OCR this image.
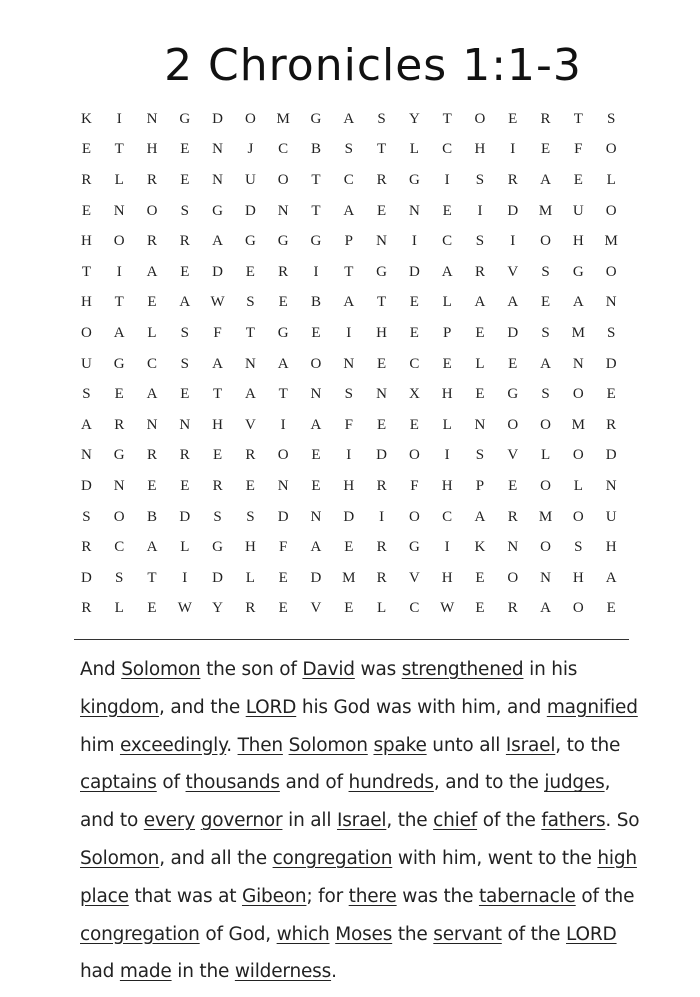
2 Chronicles 1:1-3
K	I	N	G	D	O	M	G	A	S	Y	T	O	E	R	T	S
E	T	H	E	N	J	C	B	S	T	L	C	H	I	E	F	O
R	L	R	E	N	U	O	T	C	R	G	I	S	R	A	E	L
E	N	O	S	G	D	N	T	A	E	N	E	I	D	M	U	O
H	O	R	R	A	G	G	G	P	N	I	C	S	I	O	H	M
T	I	A	E	D	E	R	I	T	G	D	A	R	V	S	G	O
H	T	E	A	W	S	E	B	A	T	E	L	A	A	E	A	N
O	A	L	S	F	T	G	E	I	H	E	P	E	D	S	M	S
U	G	C	S	A	N	A	O	N	E	C	E	L	E	A	N	D
S	E	A	E	T	A	T	N	S	N	X	H	E	G	S	O	E
A	R	N	N	H	V	I	A	F	E	E	L	N	O	O	M	R
N	G	R	R	E	R	O	E	I	D	O	I	S	V	L	O	D
D	N	E	E	R	E	N	E	H	R	F	H	P	E	O	L	N
S	O	B	D	S	S	D	N	D	I	O	C	A	R	M	O	U
R	C	A	L	G	H	F	A	E	R	G	I	K	N	O	S	H
D	S	T	I	D	L	E	D	M	R	V	H	E	O	N	H	A
R	L	E	W	Y	R	E	V	E	L	C	W	E	R	A	O	E
And Solomon the son of David was strengthened in his kingdom, and the LORD his God was with him, and magnified him exceedingly. Then Solomon spake unto all Israel, to the captains of thousands and of hundreds, and to the judges, and to every governor in all Israel, the chief of the fathers. So Solomon, and all the congregation with him, went to the high place that was at Gibeon; for there was the tabernacle of the congregation of God, which Moses the servant of the LORD had made in the wilderness.
